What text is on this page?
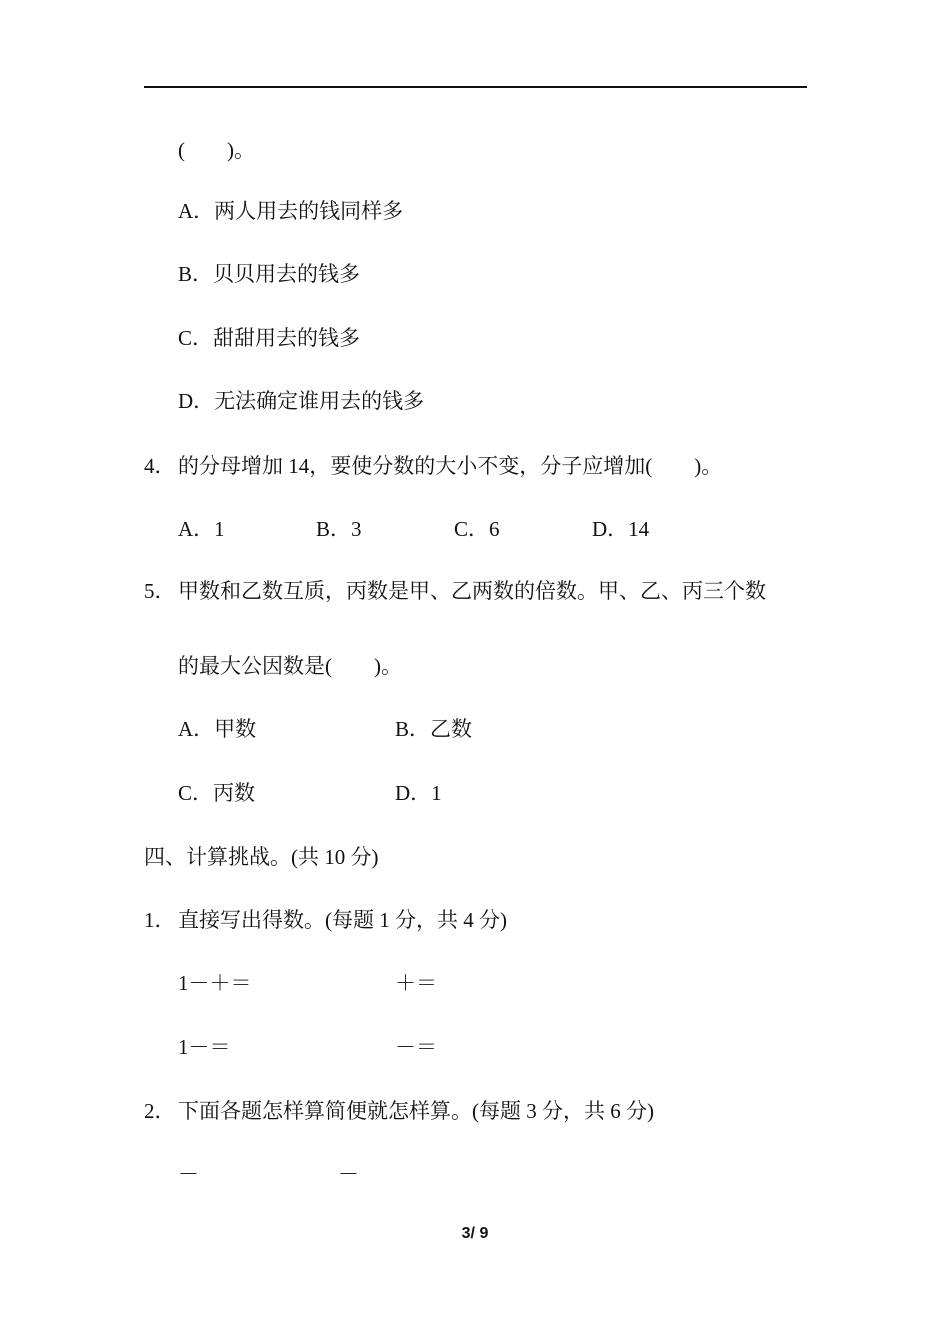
(　　)。
A．两人用去的钱同样多
B．贝贝用去的钱多
C．甜甜用去的钱多
D．无法确定谁用去的钱多
4． 的分母增加 14，要使分数的大小不变，分子应增加(　　)。
A．1	B．3	C．6	D．14
5． 甲数和乙数互质，丙数是甲、乙两数的倍数。甲、乙、丙三个数
的最大公因数是(　　)。
A．甲数	B．乙数
C．丙数	D．1
四、计算挑战。(共 10 分)
1． 直接写出得数。(每题 1 分，共 4 分)
1－＋＝	＋＝
1－＝	－＝
2． 下面各题怎样算简便就怎样算。(每题 3 分，共 6 分)
－	－
3/ 9
